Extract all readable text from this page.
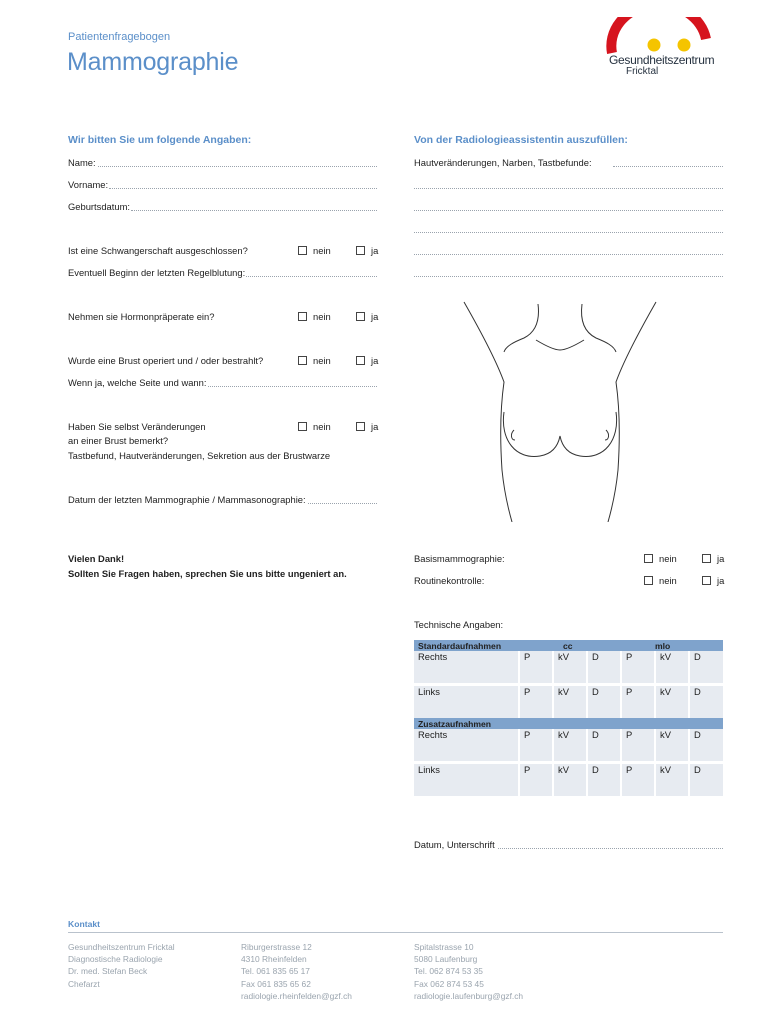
Patientenfragebogen
Mammographie	Gesundheitszentrum
Fricktal
Wir bitten Sie um folgende Angaben:
Name:
Vorname:
Geburtsdatum:
Ist eine Schwangerschaft ausgeschlossen?	nein	ja
Eventuell Beginn der letzten Regelblutung:
Nehmen sie Hormonpräperate ein?	nein	ja
Wurde eine Brust operiert und / oder bestrahlt?	nein	ja
Wenn ja, welche Seite und wann:
Haben Sie selbst Veränderungen
an einer Brust bemerkt?
Tastbefund, Hautveränderungen, Sekretion aus der Brustwarze
nein	ja
Datum der letzten Mammographie / Mammasonographie:
Vielen Dank!
Sollten Sie Fragen haben, sprechen Sie uns bitte ungeniert an.
Von der Radiologieassistentin auszufüllen:
Hautveränderungen, Narben, Tastbefunde:
Basismammographie:	nein	ja
Routinekontrolle:	nein	ja
Technische Angaben:
Standardaufnahmen		cc			mlo	
Rechts	P	kV	D	P	kV	D

Links	P	kV	D	P	kV	D
Zusatzaufnahmen						
Rechts	P	kV	D	P	kV	D

Links	P	kV	D	P	kV	D
Datum, Unterschrift
Kontakt
Gesundheitszentrum Fricktal
Diagnostische Radiologie
Dr. med. Stefan Beck
Chefarzt
Riburgerstrasse 12
4310 Rheinfelden
Tel. 061 835 65 17
Fax 061 835 65 62
radiologie.rheinfelden@gzf.ch
Spitalstrasse 10
5080 Laufenburg
Tel. 062 874 53 35
Fax 062 874 53 45
radiologie.laufenburg@gzf.ch
